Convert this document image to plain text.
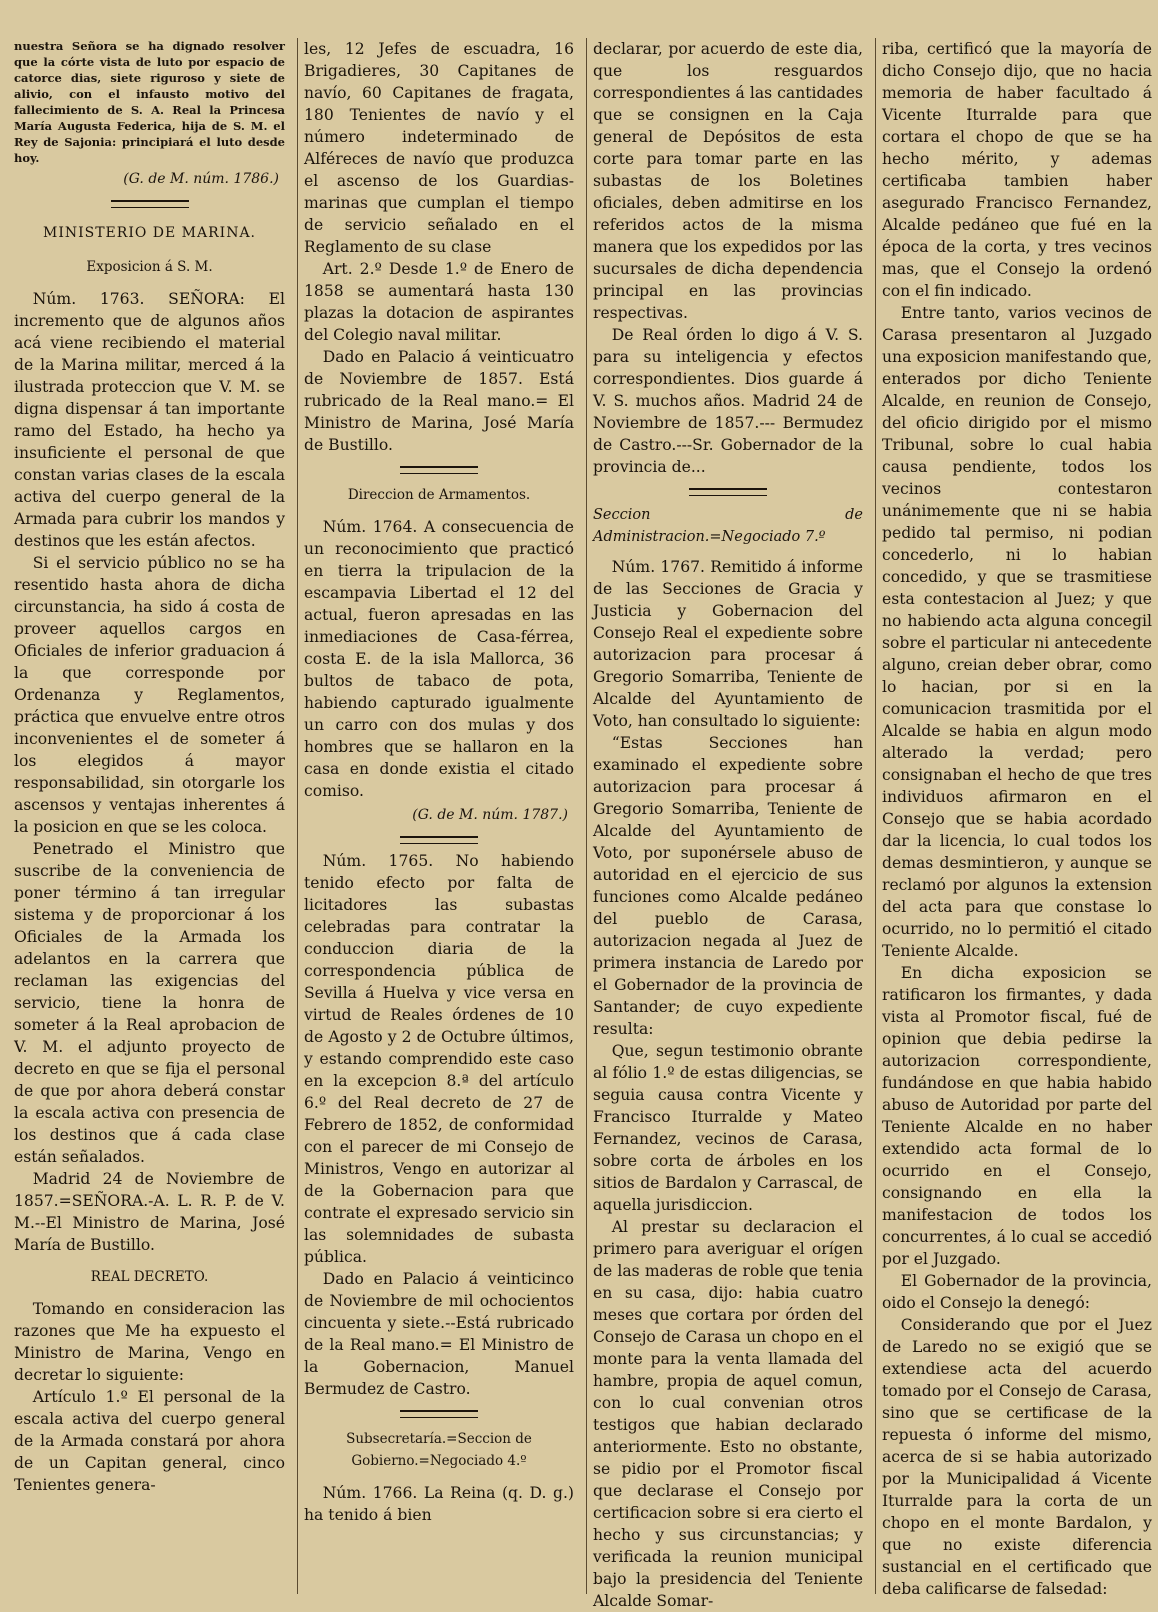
nuestra Señora se ha dignado resolver que la córte vista de luto por espacio de catorce dias, siete riguroso y siete de alivio, con el infausto motivo del fallecimiento de S. A. Real la Princesa María Augusta Federica, hija de S. M. el Rey de Sajonia: principiará el luto desde hoy.

(G. de M. núm. 1786.)

MINISTERIO DE MARINA.
Exposicion á S. M.

Núm. 1763. SEÑORA: El incremento que de algunos años acá viene recibiendo el material de la Marina militar, merced á la ilustrada proteccion que V. M. se digna dispensar á tan importante ramo del Estado, ha hecho ya insuficiente el personal de que constan varias clases de la escala activa del cuerpo general de la Armada para cubrir los mandos y destinos que les están afectos.

Si el servicio público no se ha resentido hasta ahora de dicha circunstancia, ha sido á costa de proveer aquellos cargos en Oficiales de inferior graduacion á la que corresponde por Ordenanza y Reglamentos, práctica que envuelve entre otros inconvenientes el de someter á los elegidos á mayor responsabilidad, sin otorgarle los ascensos y ventajas inherentes á la posicion en que se les coloca.

Penetrado el Ministro que suscribe de la conveniencia de poner término á tan irregular sistema y de proporcionar á los Oficiales de la Armada los adelantos en la carrera que reclaman las exigencias del servicio, tiene la honra de someter á la Real aprobacion de V. M. el adjunto proyecto de decreto en que se fija el personal de que por ahora deberá constar la escala activa con presencia de los destinos que á cada clase están señalados.

Madrid 24 de Noviembre de 1857.=SEÑORA.-A. L. R. P. de V. M.--El Ministro de Marina, José María de Bustillo.

REAL DECRETO.

Tomando en consideracion las razones que Me ha expuesto el Ministro de Marina, Vengo en decretar lo siguiente:

Artículo 1.º El personal de la escala activa del cuerpo general de la Armada constará por ahora de un Capitan general, cinco Tenientes genera-

les, 12 Jefes de escuadra, 16 Brigadieres, 30 Capitanes de navío, 60 Capitanes de fragata, 180 Tenientes de navío y el número indeterminado de Alféreces de navío que produzca el ascenso de los Guardias-marinas que cumplan el tiempo de servicio señalado en el Reglamento de su clase

Art. 2.º Desde 1.º de Enero de 1858 se aumentará hasta 130 plazas la dotacion de aspirantes del Colegio naval militar.

Dado en Palacio á veinticuatro de Noviembre de 1857. Está rubricado de la Real mano.= El Ministro de Marina, José María de Bustillo.

Direccion de Armamentos.

Núm. 1764. A consecuencia de un reconocimiento que practicó en tierra la tripulacion de la escampavia Libertad el 12 del actual, fueron apresadas en las inmediaciones de Casa-férrea, costa E. de la isla Mallorca, 36 bultos de tabaco de pota, habiendo capturado igualmente un carro con dos mulas y dos hombres que se hallaron en la casa en donde existia el citado comiso.

(G. de M. núm. 1787.)

Núm. 1765. No habiendo tenido efecto por falta de licitadores las subastas celebradas para contratar la conduccion diaria de la correspondencia pública de Sevilla á Huelva y vice versa en virtud de Reales órdenes de 10 de Agosto y 2 de Octubre últimos, y estando comprendido este caso en la excepcion 8.ª del artículo 6.º del Real decreto de 27 de Febrero de 1852, de conformidad con el parecer de mi Consejo de Ministros, Vengo en autorizar al de la Gobernacion para que contrate el expresado servicio sin las solemnidades de subasta pública.

Dado en Palacio á veinticinco de Noviembre de mil ochocientos cincuenta y siete.--Está rubricado de la Real mano.= El Ministro de la Gobernacion, Manuel Bermudez de Castro.

Subsecretaría.=Seccion de Gobierno.=Negociado 4.º

Núm. 1766. La Reina (q. D. g.) ha tenido á bien

declarar, por acuerdo de este dia, que los resguardos correspondientes á las cantidades que se consignen en la Caja general de Depósitos de esta corte para tomar parte en las subastas de los Boletines oficiales, deben admitirse en los referidos actos de la misma manera que los expedidos por las sucursales de dicha dependencia principal en las provincias respectivas.

De Real órden lo digo á V. S. para su inteligencia y efectos correspondientes. Dios guarde á V. S. muchos años. Madrid 24 de Noviembre de 1857.--- Bermudez de Castro.---Sr. Gobernador de la provincia de...

Seccion de Administracion.=Negociado 7.º

Núm. 1767. Remitido á informe de las Secciones de Gracia y Justicia y Gobernacion del Consejo Real el expediente sobre autorizacion para procesar á Gregorio Somarriba, Teniente de Alcalde del Ayuntamiento de Voto, han consultado lo siguiente:

“Estas Secciones han examinado el expediente sobre autorizacion para procesar á Gregorio Somarriba, Teniente de Alcalde del Ayuntamiento de Voto, por suponérsele abuso de autoridad en el ejercicio de sus funciones como Alcalde pedáneo del pueblo de Carasa, autorizacion negada al Juez de primera instancia de Laredo por el Gobernador de la provincia de Santander; de cuyo expediente resulta:

Que, segun testimonio obrante al fólio 1.º de estas diligencias, se seguia causa contra Vicente y Francisco Iturralde y Mateo Fernandez, vecinos de Carasa, sobre corta de árboles en los sitios de Bardalon y Carrascal, de aquella jurisdiccion.

Al prestar su declaracion el primero para averiguar el orígen de las maderas de roble que tenia en su casa, dijo: habia cuatro meses que cortara por órden del Consejo de Carasa un chopo en el monte para la venta llamada del hambre, propia de aquel comun, con lo cual convenian otros testigos que habian declarado anteriormente. Esto no obstante, se pidio por el Promotor fiscal que declarase el Consejo por certificacion sobre si era cierto el hecho y sus circunstancias; y verificada la reunion municipal bajo la presidencia del Teniente Alcalde Somar-

riba, certificó que la mayoría de dicho Consejo dijo, que no hacia memoria de haber facultado á Vicente Iturralde para que cortara el chopo de que se ha hecho mérito, y ademas certificaba tambien haber asegurado Francisco Fernandez, Alcalde pedáneo que fué en la época de la corta, y tres vecinos mas, que el Consejo la ordenó con el fin indicado.

Entre tanto, varios vecinos de Carasa presentaron al Juzgado una exposicion manifestando que, enterados por dicho Teniente Alcalde, en reunion de Consejo, del oficio dirigido por el mismo Tribunal, sobre lo cual habia causa pendiente, todos los vecinos contestaron unánimemente que ni se habia pedido tal permiso, ni podian concederlo, ni lo habian concedido, y que se trasmitiese esta contestacion al Juez; y que no habiendo acta alguna concegil sobre el particular ni antecedente alguno, creian deber obrar, como lo hacian, por si en la comunicacion trasmitida por el Alcalde se habia en algun modo alterado la verdad; pero consignaban el hecho de que tres individuos afirmaron en el Consejo que se habia acordado dar la licencia, lo cual todos los demas desmintieron, y aunque se reclamó por algunos la extension del acta para que constase lo ocurrido, no lo permitió el citado Teniente Alcalde.

En dicha exposicion se ratificaron los firmantes, y dada vista al Promotor fiscal, fué de opinion que debia pedirse la autorizacion correspondiente, fundándose en que habia habido abuso de Autoridad por parte del Teniente Alcalde en no haber extendido acta formal de lo ocurrido en el Consejo, consignando en ella la manifestacion de todos los concurrentes, á lo cual se accedió por el Juzgado.

El Gobernador de la provincia, oido el Consejo la denegó:

Considerando que por el Juez de Laredo no se exigió que se extendiese acta del acuerdo tomado por el Consejo de Carasa, sino que se certificase de la repuesta ó informe del mismo, acerca de si se habia autorizado por la Municipalidad á Vicente Iturralde para la corta de un chopo en el monte Bardalon, y que no existe diferencia sustancial en el certificado que deba calificarse de falsedad:
